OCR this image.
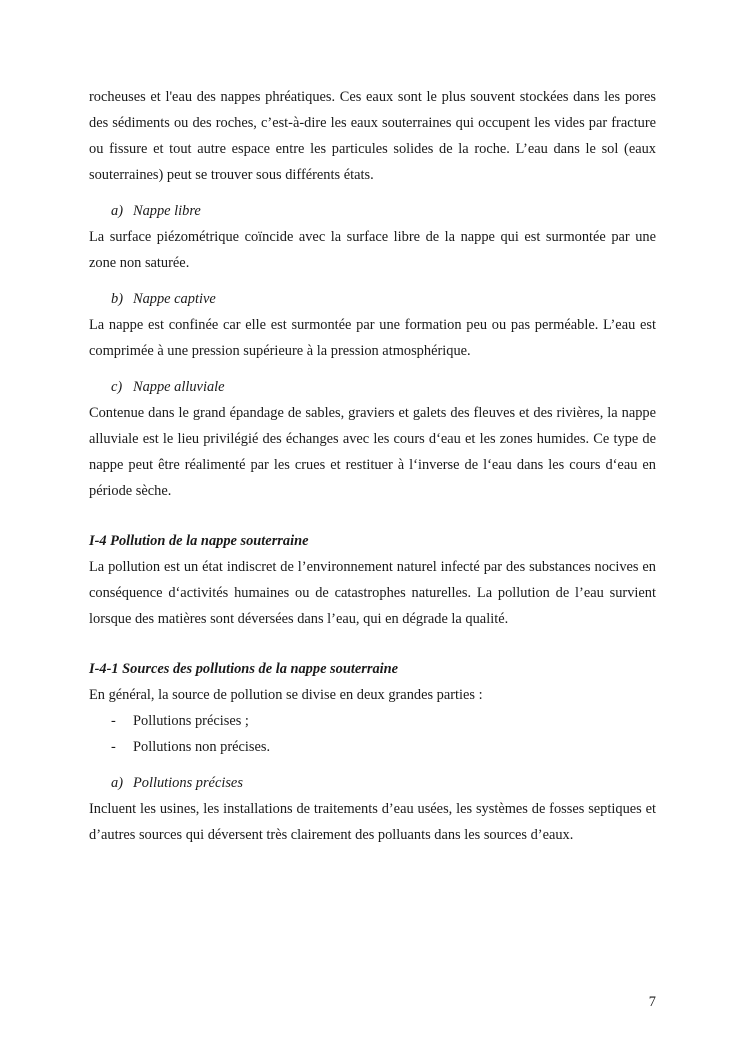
rocheuses et l'eau des nappes phréatiques. Ces eaux sont le plus souvent stockées dans les pores des sédiments ou des roches, c’est-à-dire les eaux souterraines qui occupent les vides par fracture ou fissure et tout autre espace entre les particules solides de la roche. L’eau dans le sol (eaux souterraines) peut se trouver sous différents états.

a) Nappe libre

La surface piézométrique coïncide avec la surface libre de la nappe qui est surmontée par une zone non saturée.

b) Nappe captive

La nappe est confinée car elle est surmontée par une formation peu ou pas perméable. L’eau est comprimée à une pression supérieure à la pression atmosphérique.

c) Nappe alluviale

Contenue dans le grand épandage de sables, graviers et galets des fleuves et des rivières, la nappe alluviale est le lieu privilégié des échanges avec les cours d‘eau et les zones humides. Ce type de nappe peut être réalimenté par les crues et restituer à l‘inverse de l‘eau dans les cours d‘eau en période sèche.

I-4 Pollution de la nappe souterraine

La pollution est un état indiscret de l’environnement naturel infecté par des substances nocives en conséquence d‘activités humaines ou de catastrophes naturelles. La pollution de l’eau survient lorsque des matières sont déversées dans l’eau, qui en dégrade la qualité.

I-4-1 Sources des pollutions de la nappe souterraine

En général, la source de pollution se divise en deux grandes parties :

- Pollutions précises ;
- Pollutions non précises.
a) Pollutions précises

Incluent les usines, les installations de traitements d’eau usées, les systèmes de fosses septiques et d’autres sources qui déversent très clairement des polluants dans les sources d’eaux.

7
